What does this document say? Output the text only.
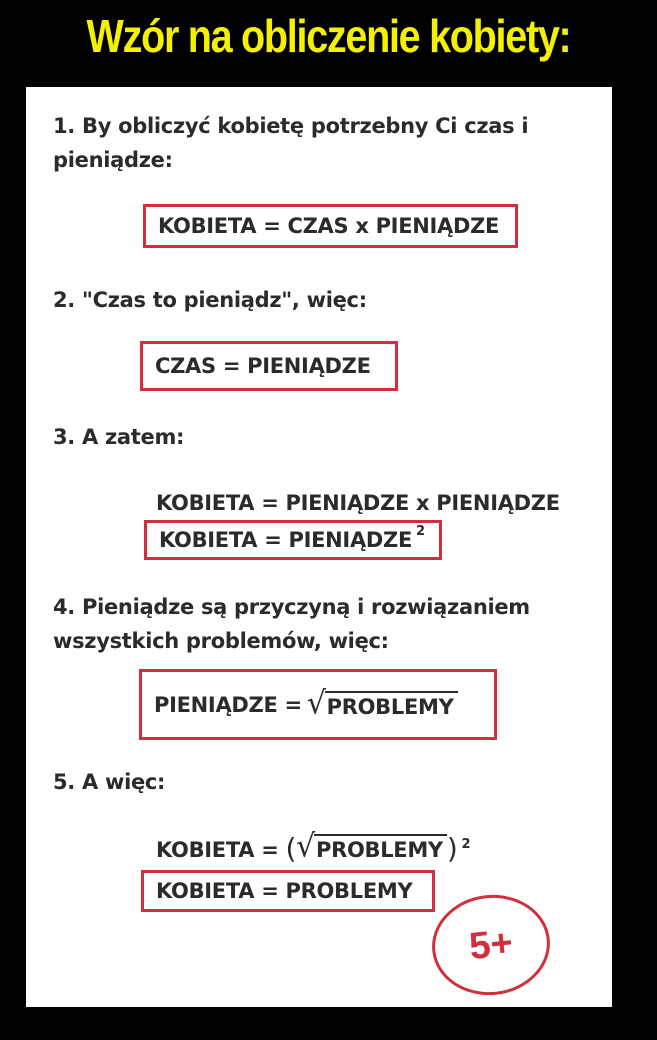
Wzór na obliczenie kobiety:
1. By obliczyć kobietę potrzebny Ci czas i pieniądze:
KOBIETA = CZAS x PIENIĄDZE
2. "Czas to pieniądz", więc:
CZAS = PIENIĄDZE
3. A zatem:
KOBIETA = PIENIĄDZE x PIENIĄDZE
KOBIETA = PIENIĄDZE 2
4. Pieniądze są przyczyną i rozwiązaniem wszystkich problemów, więc:
PIENIĄDZE = √PROBLEMY
5. A więc:
KOBIETA = (√PROBLEMY ) $^2$
KOBIETA = PROBLEMY
5+
